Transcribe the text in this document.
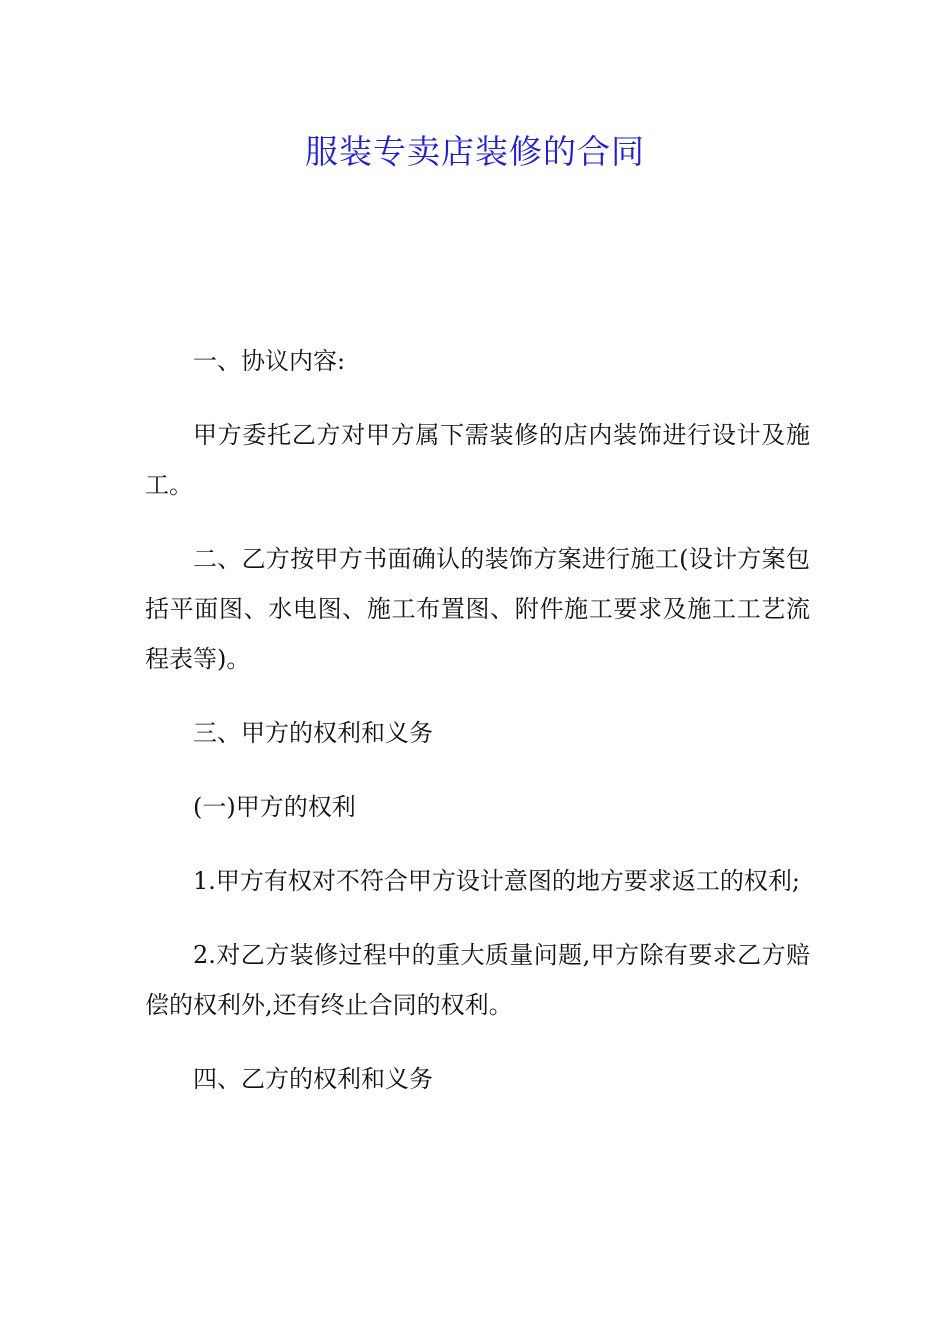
服装专卖店装修的合同

一、协议内容:

甲方委托乙方对甲方属下需装修的店内装饰进行设计及施工。

二、乙方按甲方书面确认的装饰方案进行施工(设计方案包括平面图、水电图、施工布置图、附件施工要求及施工工艺流程表等)。

三、甲方的权利和义务

(一)甲方的权利

1.甲方有权对不符合甲方设计意图的地方要求返工的权利;

2.对乙方装修过程中的重大质量问题,甲方除有要求乙方赔偿的权利外,还有终止合同的权利。

四、乙方的权利和义务
